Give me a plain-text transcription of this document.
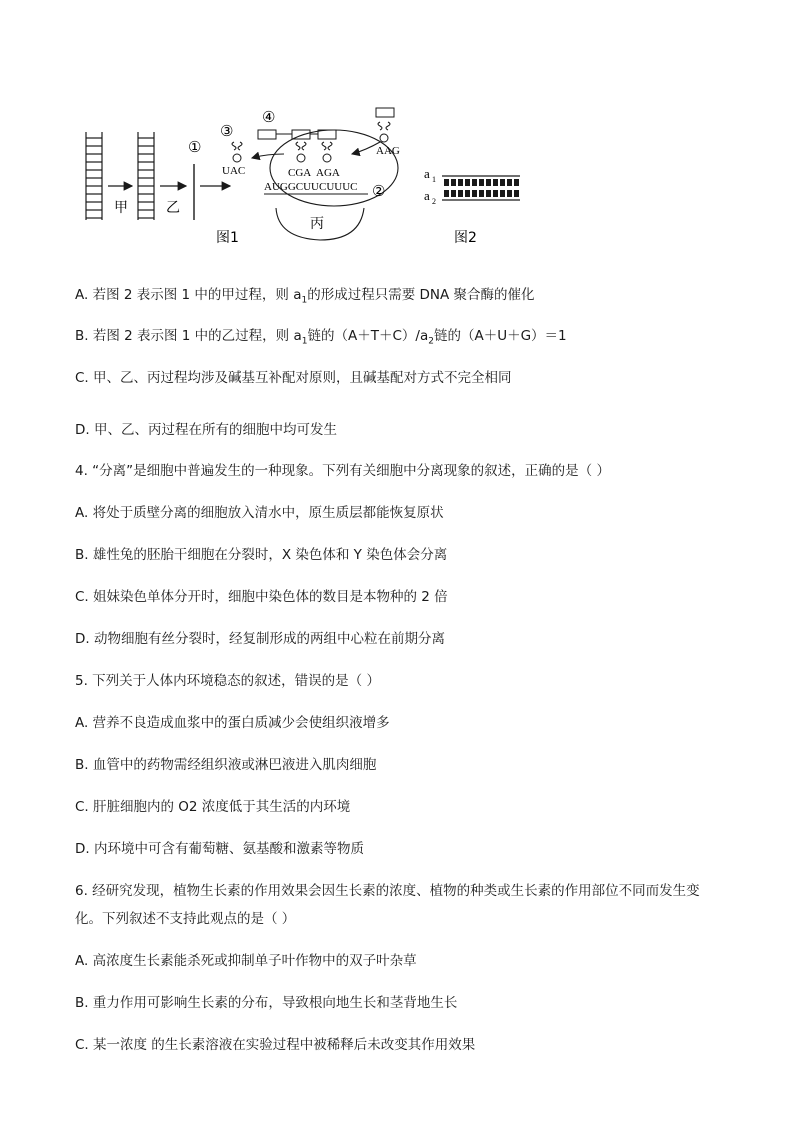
甲	乙
①
③
UAC
丙
④
CGA AGA
AUGGCUUCUUUC ②
AAG
图1
a 1
a 2
图2
A. 若图 2 表示图 1 中的甲过程，则 $a_1$的形成过程只需要 DNA 聚合酶的催化
B. 若图 2 表示图 1 中的乙过程，则 $a_1$链的$(A+T+C)/a_2$链的（A＋U＋G）＝1
C. 甲、乙、丙过程均涉及碱基互补配对原则，且碱基配对方式不完全相同
D. 甲、乙、丙过程在所有的细胞中均可发生
4. “分离”是细胞中普遍发生的一种现象。下列有关细胞中分离现象的叙述，正确的是（ ）
A. 将处于质壁分离的细胞放入清水中，原生质层都能恢复原状
B. 雄性兔的胚胎干细胞在分裂时，X 染色体和 Y 染色体会分离
C. 姐妹染色单体分开时，细胞中染色体的数目是本物种的 2 倍
D. 动物细胞有丝分裂时，经复制形成的两组中心粒在前期分离
5. 下列关于人体内环境稳态的叙述，错误的是（ ）
A. 营养不良造成血浆中的蛋白质减少会使组织液增多
B. 血管中的药物需经组织液或淋巴液进入肌肉细胞
C. 肝脏细胞内的 O2 浓度低于其生活的内环境
D. 内环境中可含有葡萄糖、氨基酸和激素等物质
6. 经研究发现，植物生长素的作用效果会因生长素的浓度、植物的种类或生长素的作用部位不同而发生变
化。下列叙述不支持此观点的是（ ）
A. 高浓度生长素能杀死或抑制单子叶作物中的双子叶杂草
B. 重力作用可影响生长素的分布，导致根向地生长和茎背地生长
C. 某一浓度 的生长素溶液在实验过程中被稀释后未改变其作用效果
